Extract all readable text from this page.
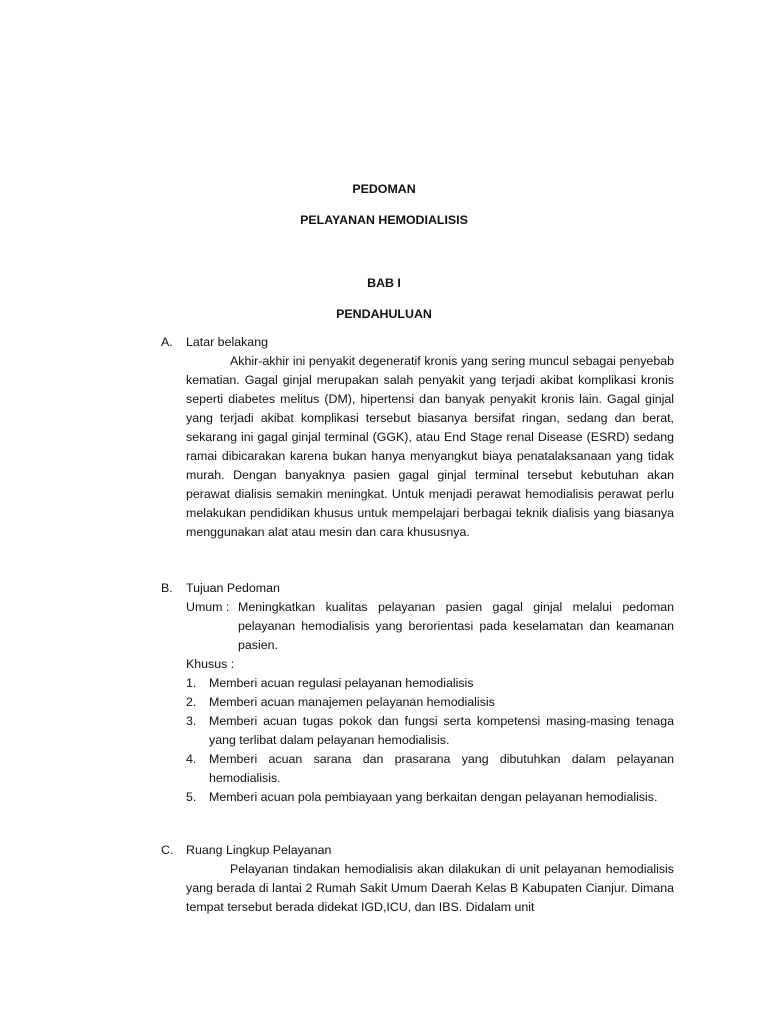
PEDOMAN
PELAYANAN HEMODIALISIS
BAB I
PENDAHULUAN
A. Latar belakang

Akhir-akhir ini penyakit degeneratif kronis yang sering muncul sebagai penyebab kematian. Gagal ginjal merupakan salah penyakit yang terjadi akibat komplikasi kronis seperti diabetes melitus (DM), hipertensi dan banyak penyakit kronis lain. Gagal ginjal yang terjadi akibat komplikasi tersebut biasanya bersifat ringan, sedang dan berat, sekarang ini gagal ginjal terminal (GGK), atau End Stage renal Disease (ESRD) sedang ramai dibicarakan karena bukan hanya menyangkut biaya penatalaksanaan yang tidak murah. Dengan banyaknya pasien gagal ginjal terminal tersebut kebutuhan akan perawat dialisis semakin meningkat. Untuk menjadi perawat hemodialisis perawat perlu melakukan pendidikan khusus untuk mempelajari berbagai teknik dialisis yang biasanya menggunakan alat atau mesin dan cara khususnya.

B. Tujuan Pedoman
Umum : Meningkatkan kualitas pelayanan pasien gagal ginjal melalui pedoman pelayanan hemodialisis yang berorientasi pada keselamatan dan keamanan pasien.

Khusus :
1. Memberi acuan regulasi pelayanan hemodialisis
2. Memberi acuan manajemen pelayanan hemodialisis
3. Memberi acuan tugas pokok dan fungsi serta kompetensi masing-masing tenaga yang terlibat dalam pelayanan hemodialisis.
4. Memberi acuan sarana dan prasarana yang dibutuhkan dalam pelayanan hemodialisis.
5. Memberi acuan pola pembiayaan yang berkaitan dengan pelayanan hemodialisis.
C. Ruang Lingkup Pelayanan

Pelayanan tindakan hemodialisis akan dilakukan di unit pelayanan hemodialisis yang berada di lantai 2 Rumah Sakit Umum Daerah Kelas B Kabupaten Cianjur. Dimana tempat tersebut berada didekat IGD,ICU, dan IBS. Didalam unit
